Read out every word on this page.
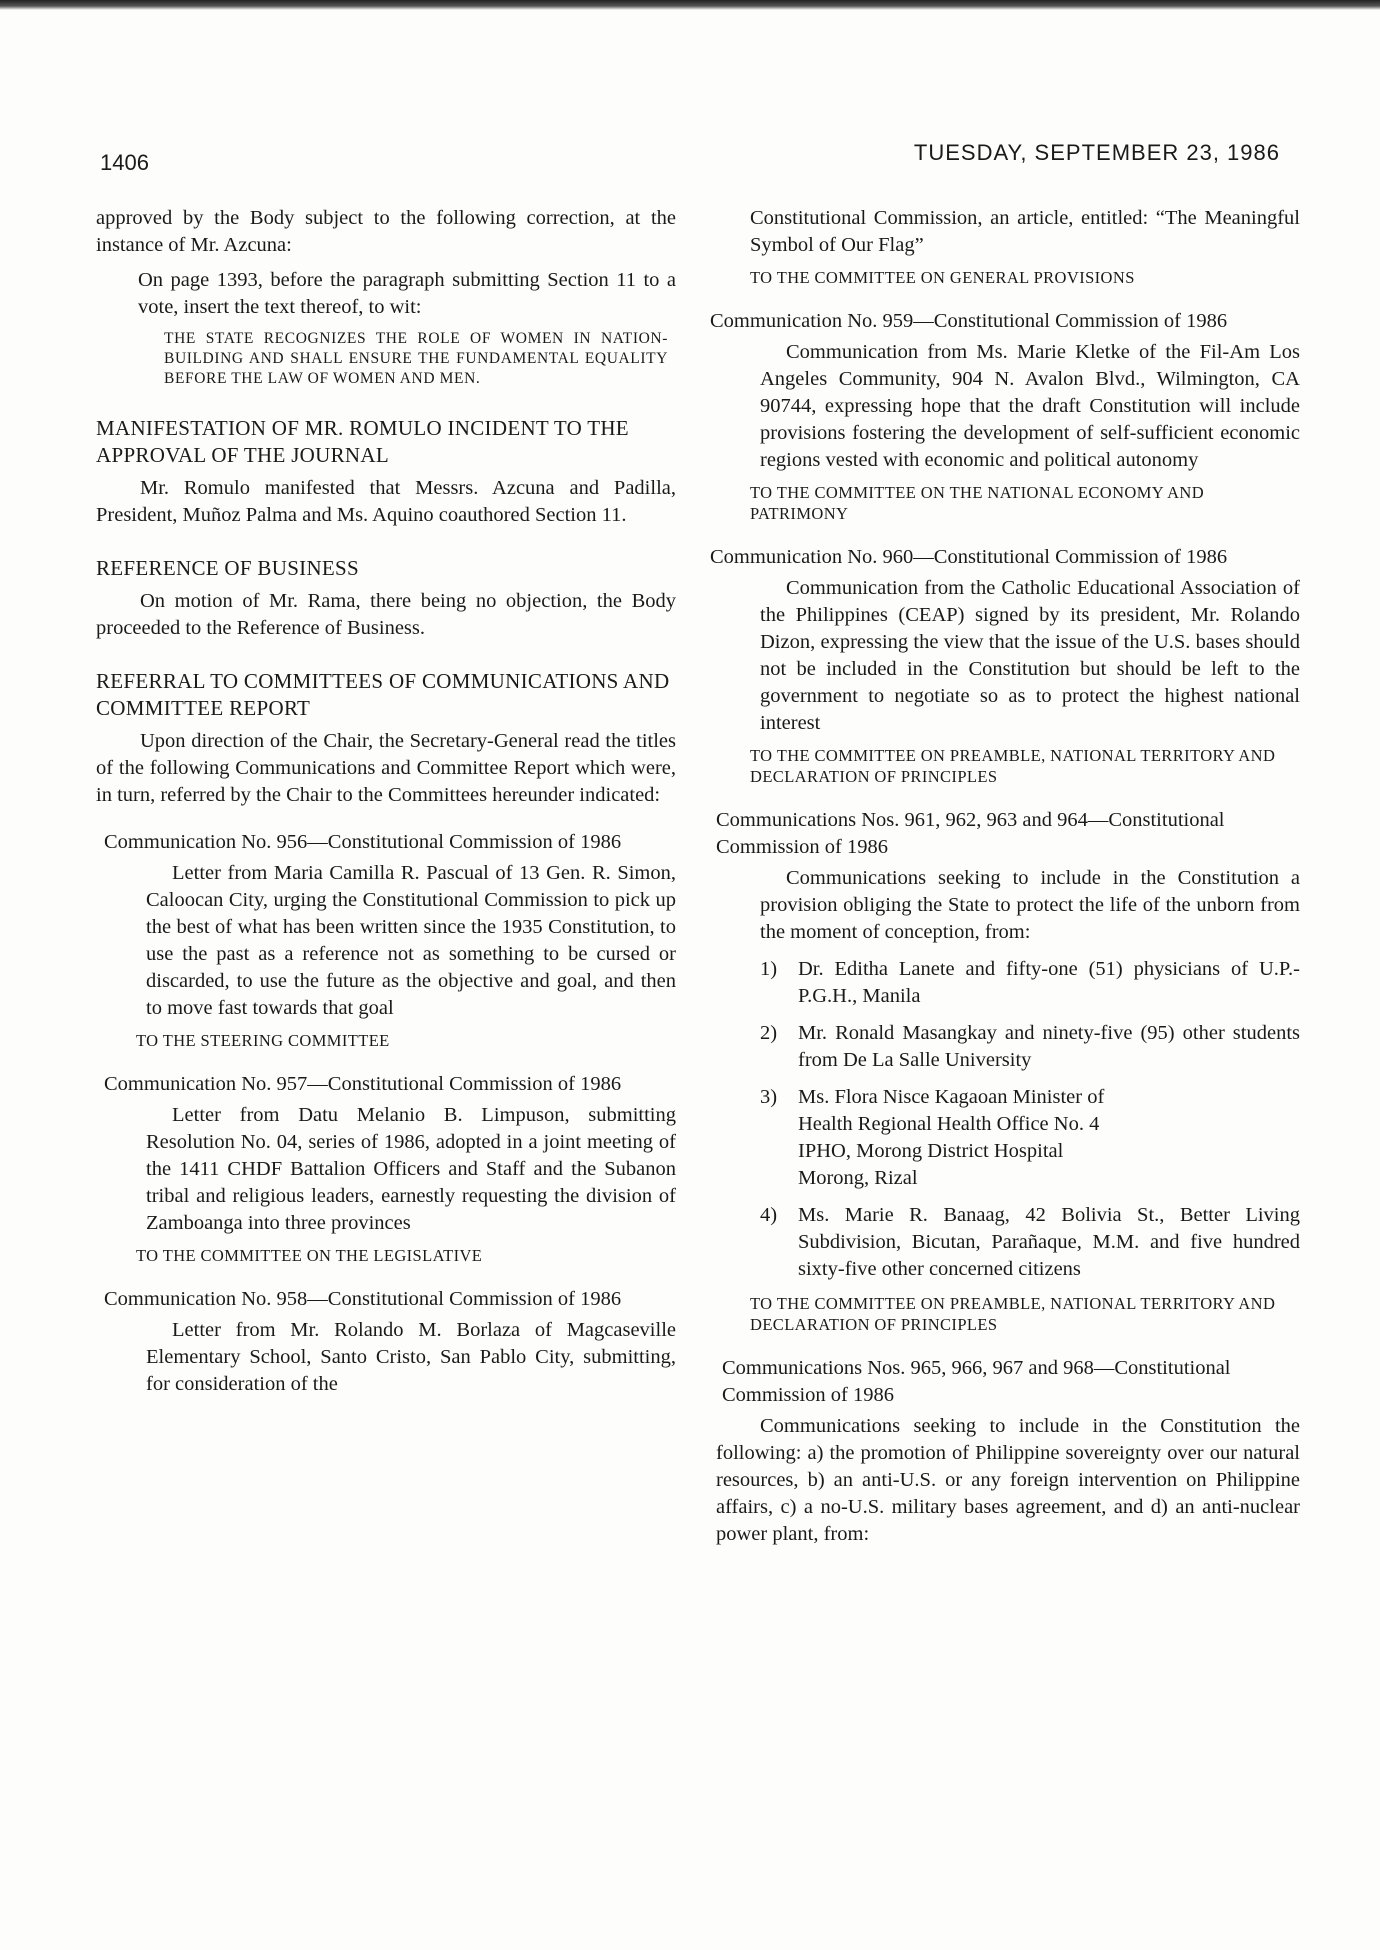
1406	TUESDAY, SEPTEMBER 23, 1986

approved by the Body subject to the following correction, at the instance of Mr. Azcuna:

On page 1393, before the paragraph submitting Section 11 to a vote, insert the text thereof, to wit:

THE STATE RECOGNIZES THE ROLE OF WOMEN IN NATION-BUILDING AND SHALL ENSURE THE FUNDAMENTAL EQUALITY BEFORE THE LAW OF WOMEN AND MEN.
MANIFESTATION OF MR. ROMULO INCIDENT TO THE APPROVAL OF THE JOURNAL

Mr. Romulo manifested that Messrs. Azcuna and Padilla, President, Muñoz Palma and Ms. Aquino coauthored Section 11.

REFERENCE OF BUSINESS

On motion of Mr. Rama, there being no objection, the Body proceeded to the Reference of Business.

REFERRAL TO COMMITTEES OF COMMUNICATIONS AND COMMITTEE REPORT

Upon direction of the Chair, the Secretary-General read the titles of the following Communications and Committee Report which were, in turn, referred by the Chair to the Committees hereunder indicated:

Communication No. 956—Constitutional Commission of 1986

Letter from Maria Camilla R. Pascual of 13 Gen. R. Simon, Caloocan City, urging the Constitutional Commission to pick up the best of what has been written since the 1935 Constitution, to use the past as a reference not as something to be cursed or discarded, to use the future as the objective and goal, and then to move fast towards that goal

TO THE STEERING COMMITTEE
Communication No. 957—Constitutional Commission of 1986

Letter from Datu Melanio B. Limpuson, submitting Resolution No. 04, series of 1986, adopted in a joint meeting of the 1411 CHDF Battalion Officers and Staff and the Subanon tribal and religious leaders, earnestly requesting the division of Zamboanga into three provinces

TO THE COMMITTEE ON THE LEGISLATIVE
Communication No. 958—Constitutional Commission of 1986

Letter from Mr. Rolando M. Borlaza of Magcaseville Elementary School, Santo Cristo, San Pablo City, submitting, for consideration of the

Constitutional Commission, an article, entitled: “The Meaningful Symbol of Our Flag”

TO THE COMMITTEE ON GENERAL PROVISIONS
Communication No. 959—Constitutional Commission of 1986

Communication from Ms. Marie Kletke of the Fil-Am Los Angeles Community, 904 N. Avalon Blvd., Wilmington, CA 90744, expressing hope that the draft Constitution will include provisions fostering the development of self-sufficient economic regions vested with economic and political autonomy

TO THE COMMITTEE ON THE NATIONAL ECONOMY AND PATRIMONY
Communication No. 960—Constitutional Commission of 1986

Communication from the Catholic Educational Association of the Philippines (CEAP) signed by its president, Mr. Rolando Dizon, expressing the view that the issue of the U.S. bases should not be included in the Constitution but should be left to the government to negotiate so as to protect the highest national interest

TO THE COMMITTEE ON PREAMBLE, NATIONAL TERRITORY AND DECLARATION OF PRINCIPLES
Communications Nos. 961, 962, 963 and 964—Constitutional Commission of 1986

Communications seeking to include in the Constitution a provision obliging the State to protect the life of the unborn from the moment of conception, from:

1)	Dr. Editha Lanete and fifty-one (51) physicians of U.P.-P.G.H., Manila
2)	Mr. Ronald Masangkay and ninety-five (95) other students from De La Salle University
3)	Ms. Flora Nisce Kagaoan Minister of Health Regional Health Office No. 4 IPHO, Morong District Hospital Morong, Rizal
4)	Ms. Marie R. Banaag, 42 Bolivia St., Better Living Subdivision, Bicutan, Parañaque, M.M. and five hundred sixty-five other concerned citizens
TO THE COMMITTEE ON PREAMBLE, NATIONAL TERRITORY AND DECLARATION OF PRINCIPLES
Communications Nos. 965, 966, 967 and 968—Constitutional Commission of 1986

Communications seeking to include in the Constitution the following: a) the promotion of Philippine sovereignty over our natural resources, b) an anti-U.S. or any foreign intervention on Philippine affairs, c) a no-U.S. military bases agreement, and d) an anti-nuclear power plant, from:
